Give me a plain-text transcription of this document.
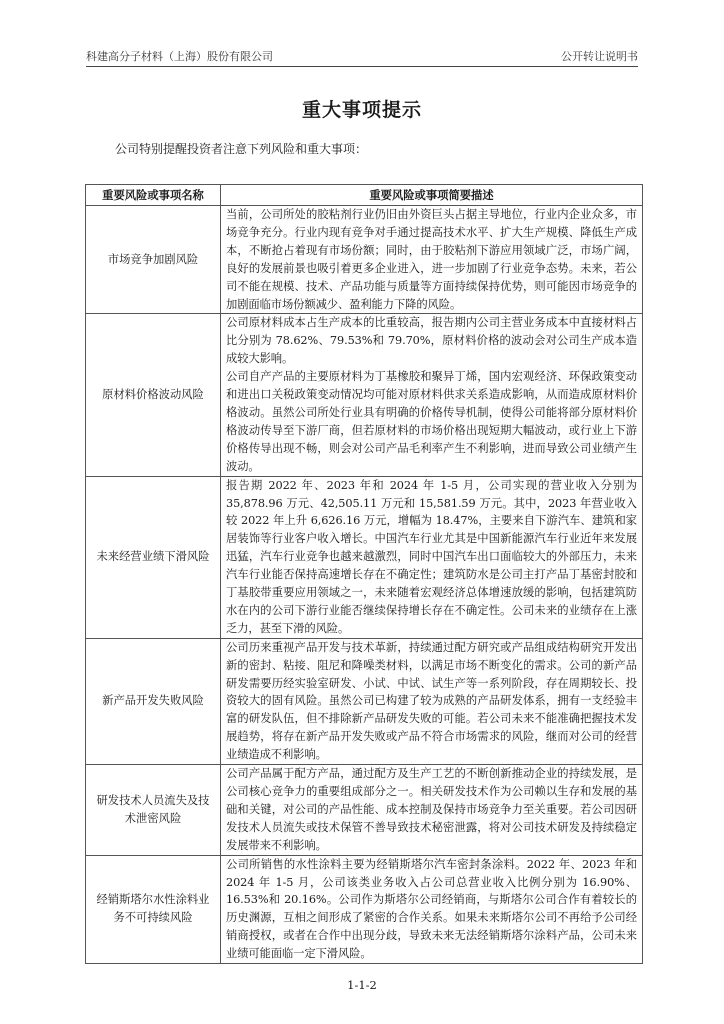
科建高分子材料（上海）股份有限公司	公开转让说明书
重大事项提示
公司特别提醒投资者注意下列风险和重大事项：
重要风险或事项名称	重要风险或事项简要描述
市场竞争加剧风险	当前，公司所处的胶粘剂行业仍旧由外资巨头占据主导地位，行业内企业众多，市场竞争充分。行业内现有竞争对手通过提高技术水平、扩大生产规模、降低生产成本，不断抢占着现有市场份额；同时，由于胶粘剂下游应用领域广泛，市场广阔，良好的发展前景也吸引着更多企业进入，进一步加剧了行业竞争态势。未来，若公司不能在规模、技术、产品功能与质量等方面持续保持优势，则可能因市场竞争的加剧面临市场份额减少、盈利能力下降的风险。

原材料价格波动风险	公司原材料成本占生产成本的比重较高，报告期内公司主营业务成本中直接材料占比分别为 78.62%、79.53%和 79.70%，原材料价格的波动会对公司生产成本造成较大影响。

公司自产产品的主要原材料为丁基橡胶和聚异丁烯，国内宏观经济、环保政策变动和进出口关税政策变动情况均可能对原材料供求关系造成影响，从而造成原材料价格波动。虽然公司所处行业具有明确的价格传导机制，使得公司能将部分原材料价格波动传导至下游厂商，但若原材料的市场价格出现短期大幅波动，或行业上下游价格传导出现不畅，则会对公司产品毛利率产生不利影响，进而导致公司业绩产生波动。

未来经营业绩下滑风险	报告期 2022 年、2023 年和 2024 年 1-5 月，公司实现的营业收入分别为 35,878.96 万元、42,505.11 万元和 15,581.59 万元。其中，2023 年营业收入较 2022 年上升 6,626.16 万元，增幅为 18.47%，主要来自下游汽车、建筑和家居装饰等行业客户收入增长。中国汽车行业尤其是中国新能源汽车行业近年来发展迅猛，汽车行业竞争也越来越激烈，同时中国汽车出口面临较大的外部压力，未来汽车行业能否保持高速增长存在不确定性；建筑防水是公司主打产品丁基密封胶和丁基胶带重要应用领域之一，未来随着宏观经济总体增速放缓的影响，包括建筑防水在内的公司下游行业能否继续保持增长存在不确定性。公司未来的业绩存在上涨乏力，甚至下滑的风险。

新产品开发失败风险	公司历来重视产品开发与技术革新，持续通过配方研究或产品组成结构研究开发出新的密封、粘接、阻尼和降噪类材料，以满足市场不断变化的需求。公司的新产品研发需要历经实验室研发、小试、中试、试生产等一系列阶段，存在周期较长、投资较大的固有风险。虽然公司已构建了较为成熟的产品研发体系，拥有一支经验丰富的研发队伍，但不排除新产品研发失败的可能。若公司未来不能准确把握技术发展趋势，将存在新产品开发失败或产品不符合市场需求的风险，继而对公司的经营业绩造成不利影响。

研发技术人员流失及技术泄密风险	公司产品属于配方产品，通过配方及生产工艺的不断创新推动企业的持续发展，是公司核心竞争力的重要组成部分之一。相关研发技术作为公司赖以生存和发展的基础和关键，对公司的产品性能、成本控制及保持市场竞争力至关重要。若公司因研发技术人员流失或技术保管不善导致技术秘密泄露，将对公司技术研发及持续稳定发展带来不利影响。

经销斯塔尔水性涂料业务不可持续风险	公司所销售的水性涂料主要为经销斯塔尔汽车密封条涂料。2022 年、2023 年和 2024 年 1-5 月，公司该类业务收入占公司总营业收入比例分别为 16.90%、16.53%和 20.16%。公司作为斯塔尔公司经销商，与斯塔尔公司合作有着较长的历史渊源，互相之间形成了紧密的合作关系。如果未来斯塔尔公司不再给予公司经销商授权，或者在合作中出现分歧，导致未来无法经销斯塔尔涂料产品，公司未来业绩可能面临一定下滑风险。

1-1-2
